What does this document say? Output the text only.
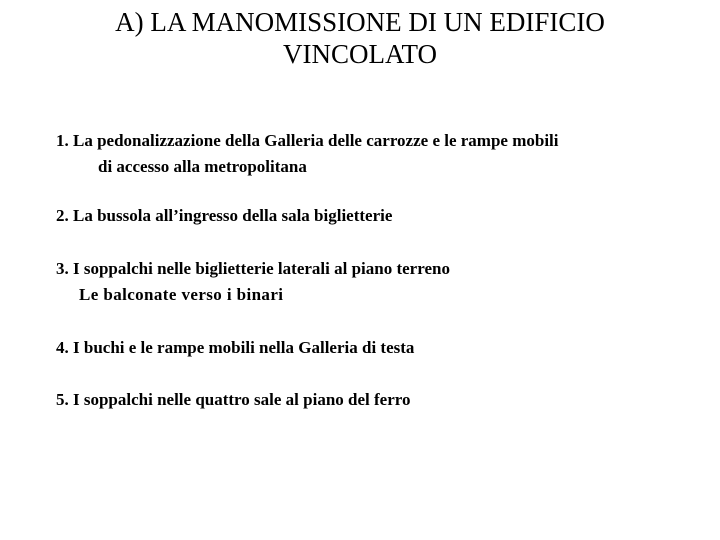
A) LA MANOMISSIONE DI UN EDIFICIO
VINCOLATO

1. La pedonalizzazione della Galleria delle carrozze e le rampe mobili
di accesso alla metropolitana

2. La bussola all’ingresso della sala biglietterie

3. I soppalchi nelle biglietterie laterali al piano terreno
Le balconate verso i binari

4. I buchi e le rampe mobili nella Galleria di testa

5. I soppalchi nelle quattro sale al piano del ferro
